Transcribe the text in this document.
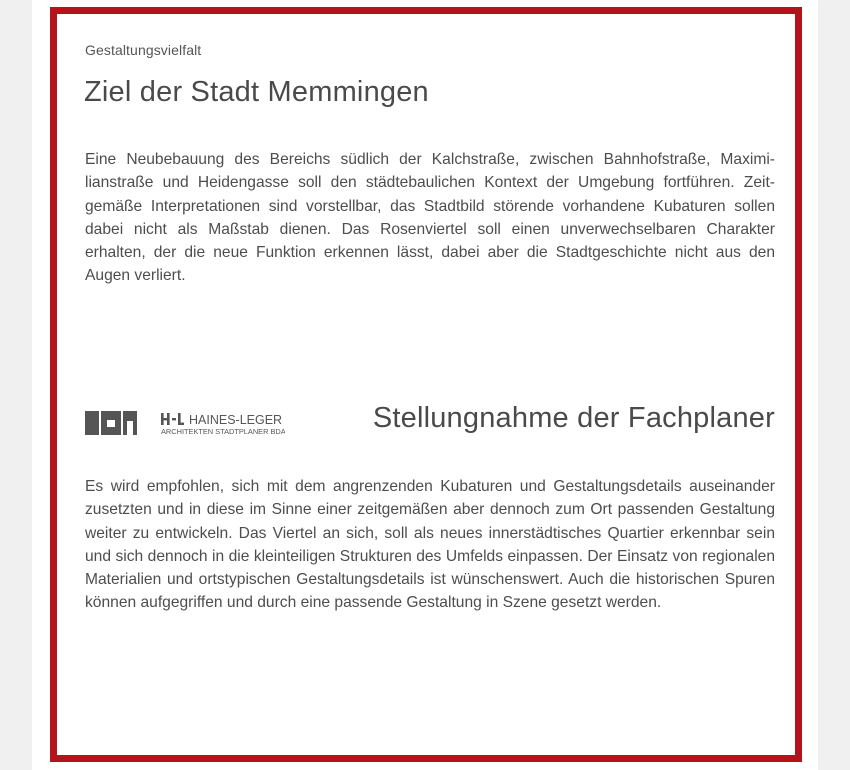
Gestaltungsvielfalt
Ziel der Stadt Memmingen

Eine Neubebauung des Bereichs südlich der Kalchstraße, zwischen Bahnhofstraße, Maximilianstraße und Heidengasse soll den städtebaulichen Kontext der Umgebung fortführen. Zeitgemäße Interpretationen sind vorstellbar, das Stadtbild störende vorhandene Kubaturen sollen dabei nicht als Maßstab dienen. Das Rosenviertel soll einen unverwechselbaren Charakter erhalten, der die neue Funktion erkennen lässt, dabei aber die Stadtgeschichte nicht aus den Augen verliert.

HAINES-LEGER
ARCHITEKTEN STADTPLANER BDA	Stellungnahme der Fachplaner

Es wird empfohlen, sich mit dem angrenzenden Kubaturen und Gestaltungsdetails auseinander zusetzten und in diese im Sinne einer zeitgemäßen aber dennoch zum Ort passenden Gestaltung weiter zu entwickeln. Das Viertel an sich, soll als neues innerstädtisches Quartier erkennbar sein und sich dennoch in die kleinteiligen Strukturen des Umfelds einpassen. Der Einsatz von regionalen Materialien und ortstypischen Gestaltungsdetails ist wünschenswert. Auch die historischen Spuren können aufgegriffen und durch eine passende Gestaltung in Szene gesetzt werden.
